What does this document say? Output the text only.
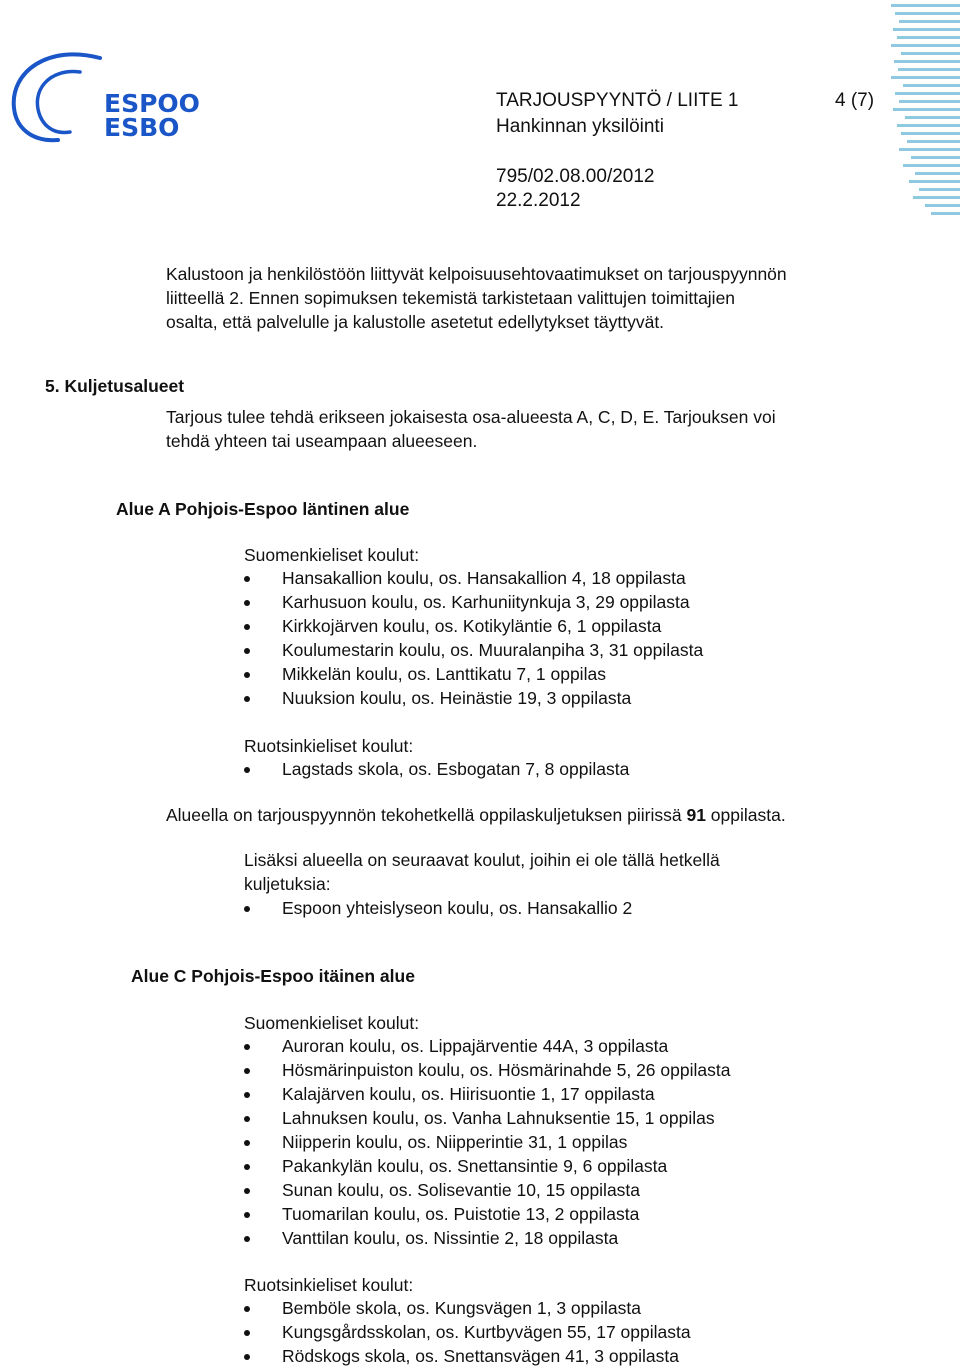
ESPOO
ESBO
TARJOUSPYYNTÖ / LIITE 1	4 (7)
Hankinnan yksilöinti
795/02.08.00/2012
22.2.2012
Kalustoon ja henkilöstöön liittyvät kelpoisuusehtovaatimukset on tarjouspyynnön
liitteellä 2. Ennen sopimuksen tekemistä tarkistetaan valittujen toimittajien
osalta, että palvelulle ja kalustolle asetetut edellytykset täyttyvät.
5. Kuljetusalueet
Tarjous tulee tehdä erikseen jokaisesta osa-alueesta A, C, D, E. Tarjouksen voi
tehdä yhteen tai useampaan alueeseen.
Alue A Pohjois-Espoo läntinen alue
Suomenkieliset koulut:
Hansakallion koulu, os. Hansakallion 4, 18 oppilasta
Karhusuon koulu, os. Karhuniitynkuja 3, 29 oppilasta
Kirkkojärven koulu, os. Kotikyläntie 6, 1 oppilasta
Koulumestarin koulu, os. Muuralanpiha 3, 31 oppilasta
Mikkelän koulu, os. Lanttikatu 7, 1 oppilas
Nuuksion koulu, os. Heinästie 19, 3 oppilasta
Ruotsinkieliset koulut:
Lagstads skola, os. Esbogatan 7, 8 oppilasta
Alueella on tarjouspyynnön tekohetkellä oppilaskuljetuksen piirissä 91 oppilasta.
Lisäksi alueella on seuraavat koulut, joihin ei ole tällä hetkellä
kuljetuksia:
Espoon yhteislyseon koulu, os. Hansakallio 2
Alue C Pohjois-Espoo itäinen alue
Suomenkieliset koulut:
Auroran koulu, os. Lippajärventie 44A, 3 oppilasta
Hösmärinpuiston koulu, os. Hösmärinahde 5, 26 oppilasta
Kalajärven koulu, os. Hiirisuontie 1, 17 oppilasta
Lahnuksen koulu, os. Vanha Lahnuksentie 15, 1 oppilas
Niipperin koulu, os. Niipperintie 31, 1 oppilas
Pakankylän koulu, os. Snettansintie 9, 6 oppilasta
Sunan koulu, os. Solisevantie 10, 15 oppilasta
Tuomarilan koulu, os. Puistotie 13, 2 oppilasta
Vanttilan koulu, os. Nissintie 2, 18 oppilasta
Ruotsinkieliset koulut:
Bemböle skola, os. Kungsvägen 1, 3 oppilasta
Kungsgårdsskolan, os. Kurtbyvägen 55, 17 oppilasta
Rödskogs skola, os. Snettansvägen 41, 3 oppilasta
